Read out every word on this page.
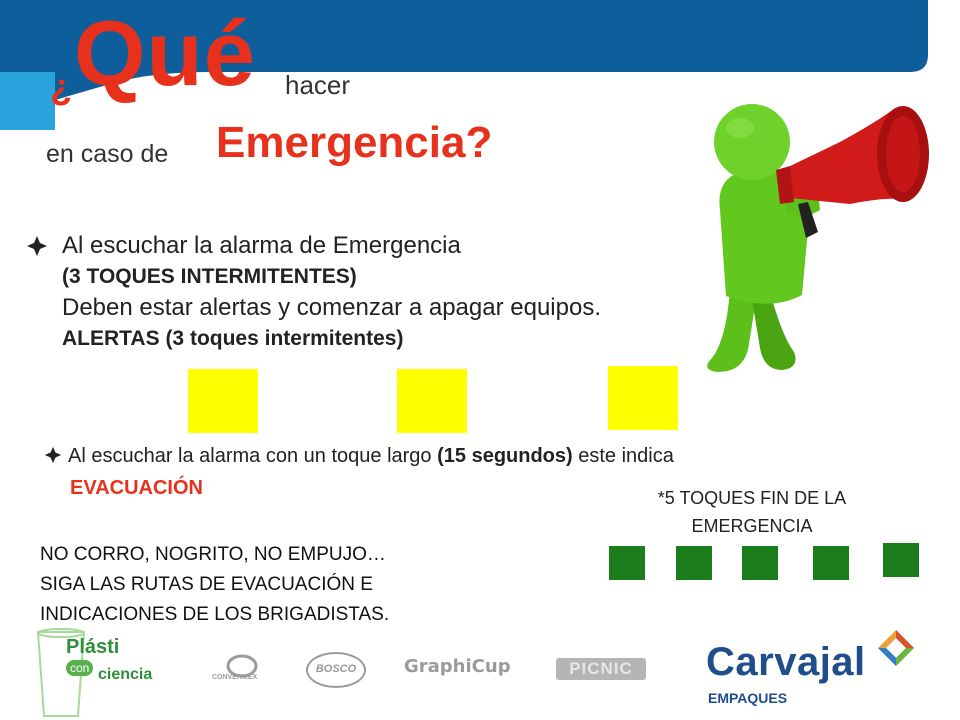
¿ Qué hacer
en caso de Emergencia?
Al escuchar la alarma de Emergencia
(3 TOQUES INTERMITENTES)
Deben estar alertas y comenzar a apagar equipos.
ALERTAS (3 toques intermitentes)
Al escuchar la alarma con un toque largo (15 segundos) este indica
EVACUACIÓN	*5 TOQUES FIN DE LA
EMERGENCIA
NO CORRO, NOGRITO, NO EMPUJO…
SIGA LAS RUTAS DE EVACUACIÓN E
INDICACIONES DE LOS BRIGADISTAS.
Plásti
con ciencia	CONVERMEX
BOSCO	GraphiCup	PICNIC	Carvajal
EMPAQUES
